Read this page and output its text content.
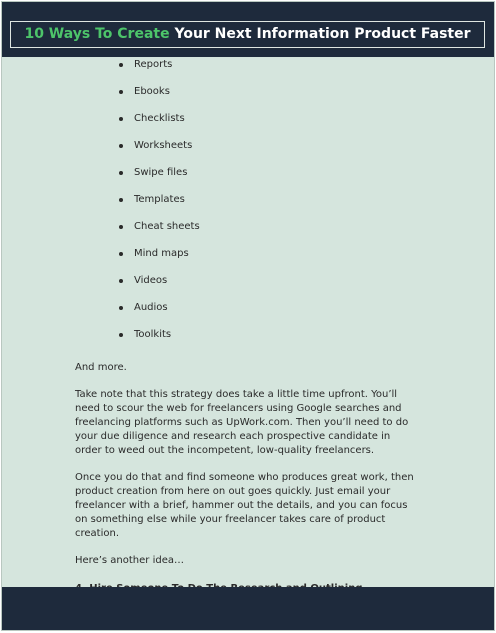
10 Ways To Create Your Next Information Product Faster
Reports
Ebooks
Checklists
Worksheets
Swipe files
Templates
Cheat sheets
Mind maps
Videos
Audios
Toolkits

And more.

Take note that this strategy does take a little time upfront. You’ll need to scour the web for freelancers using Google searches and freelancing platforms such as UpWork.com. Then you’ll need to do your due diligence and research each prospective candidate in order to weed out the incompetent, low-quality freelancers.

Once you do that and find someone who produces great work, then product creation from here on out goes quickly. Just email your freelancer with a brief, hammer out the details, and you can focus on something else while your freelancer takes care of product creation.

Here’s another idea…
